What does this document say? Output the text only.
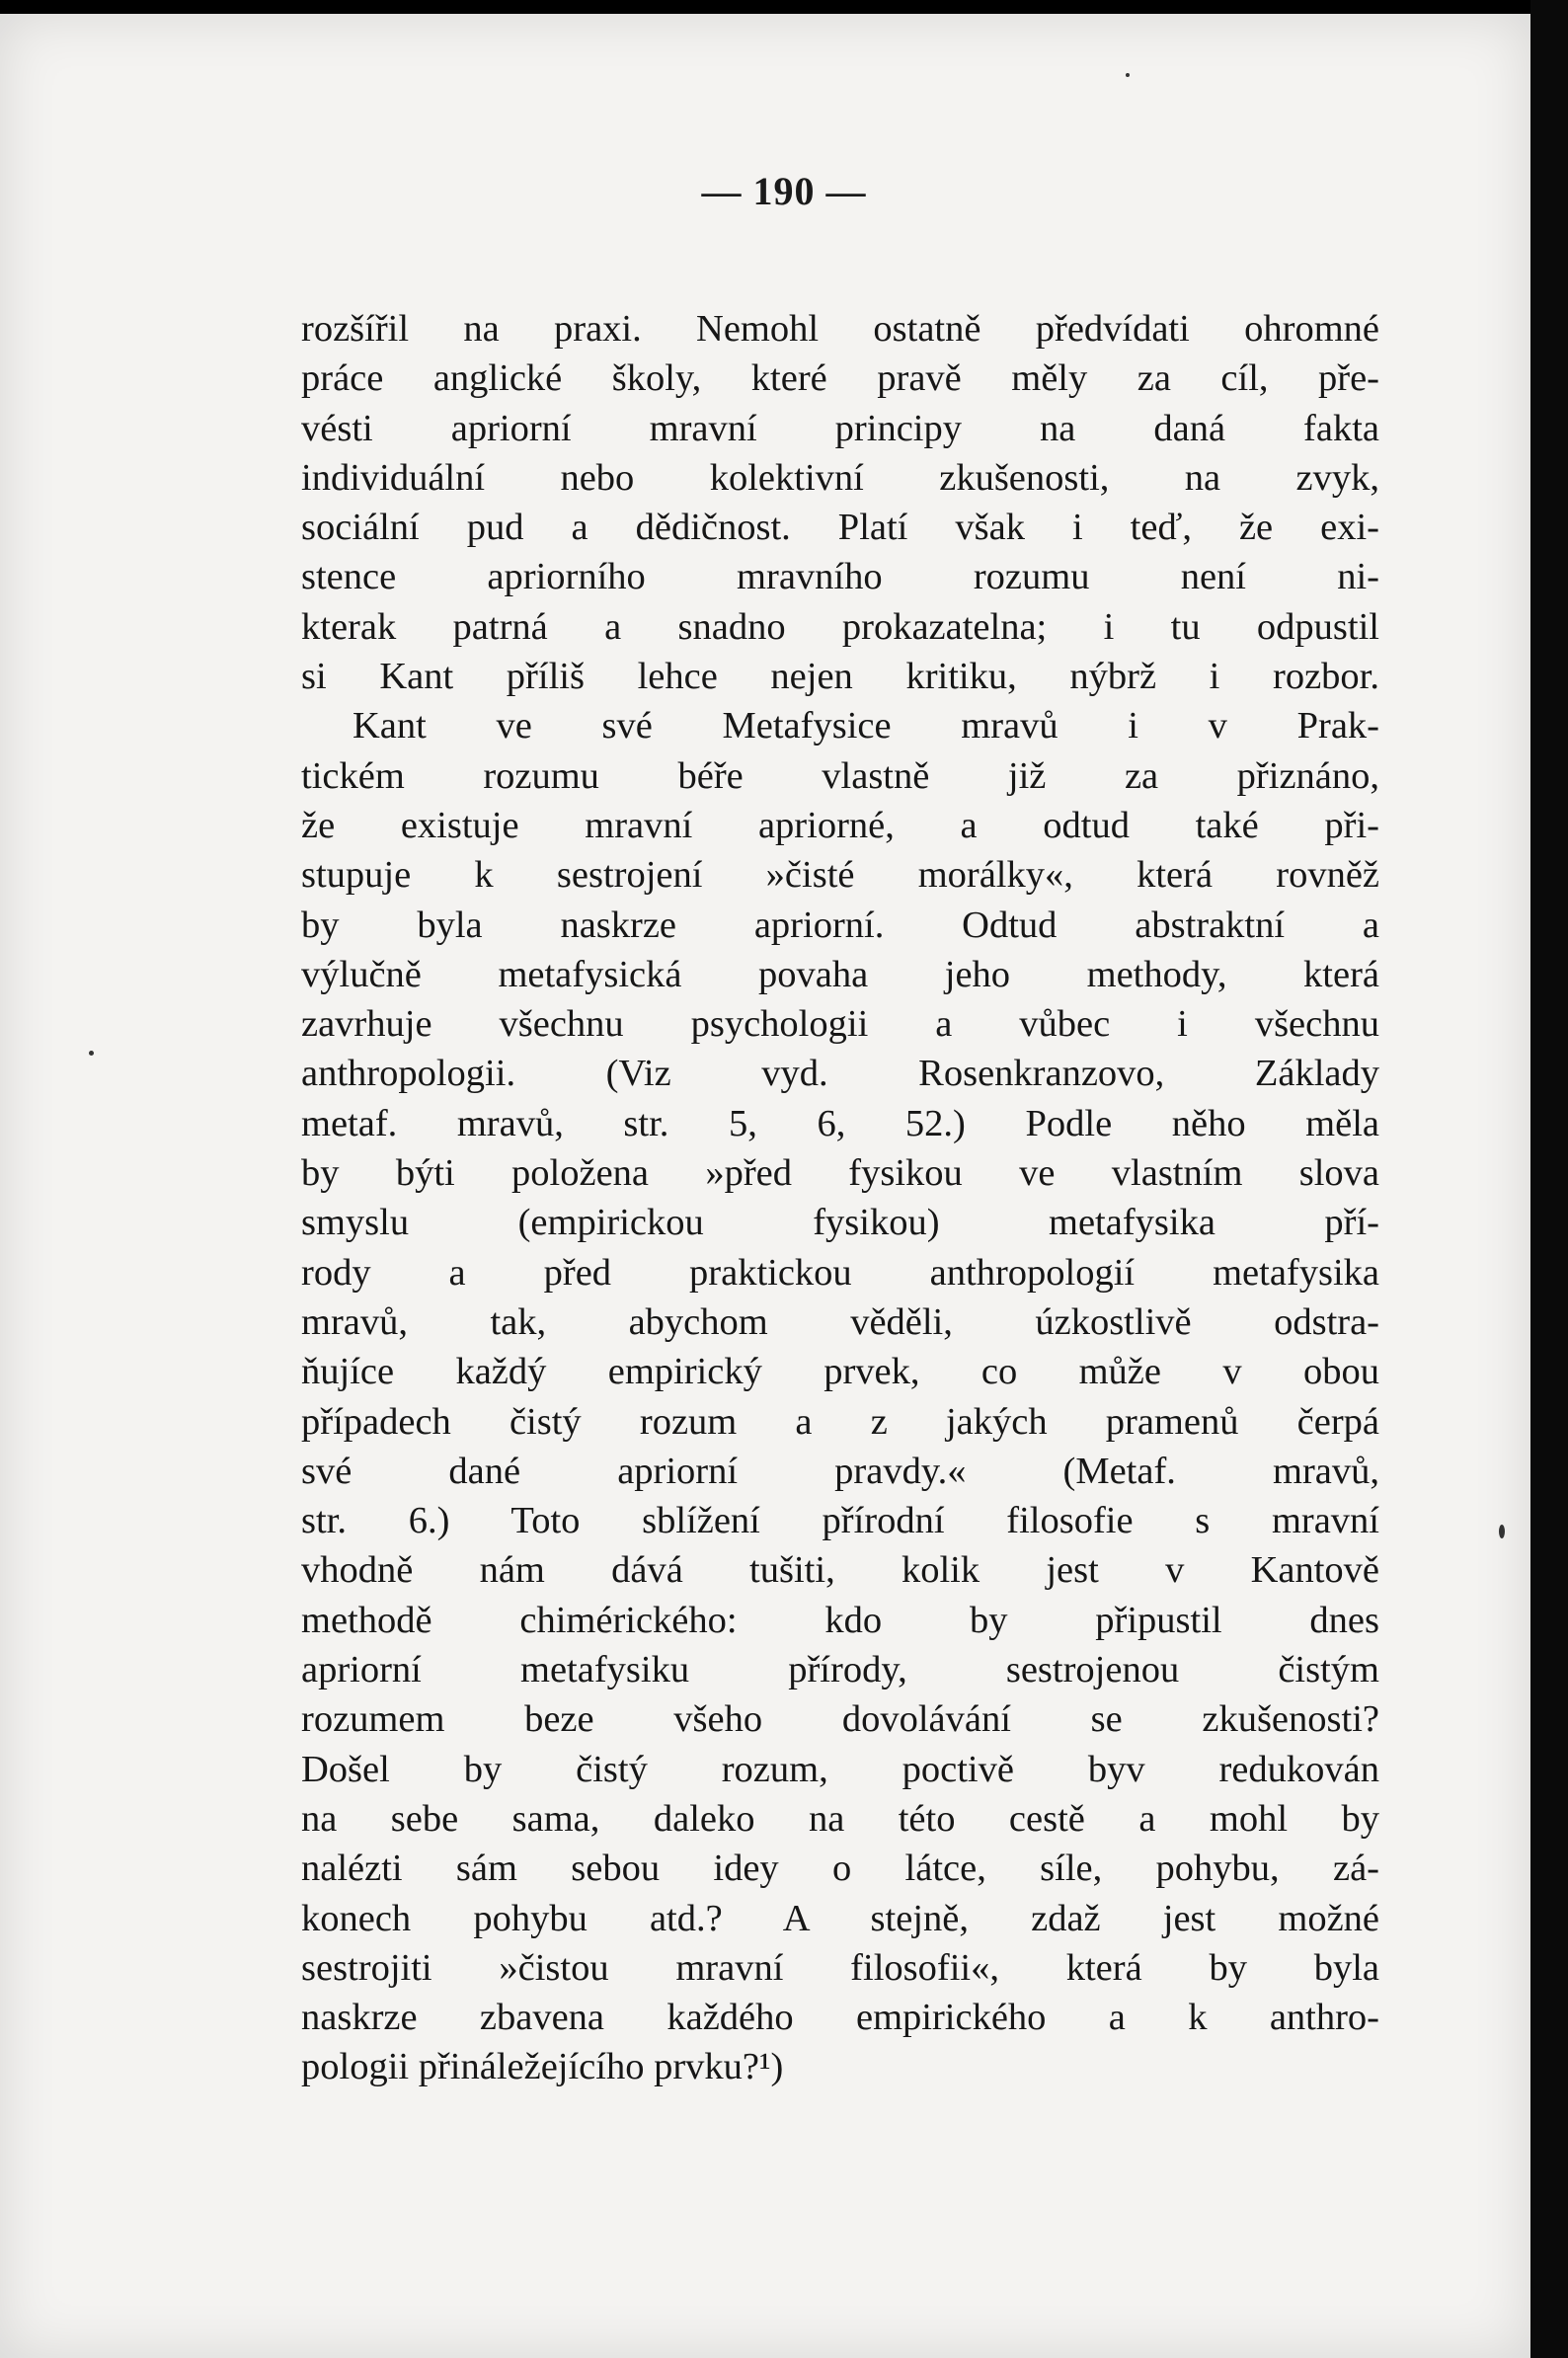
— 190 —
rozšířil na praxi. Nemohl ostatně předvídati ohromné
práce anglické školy, které pravě měly za cíl, pře-
vésti apriorní mravní principy na daná fakta
individuální nebo kolektivní zkušenosti, na zvyk,
sociální pud a dědičnost. Platí však i teď, že exi-
stence apriorního mravního rozumu není ni-
kterak patrná a snadno prokazatelna; i tu odpustil
si Kant příliš lehce nejen kritiku, nýbrž i rozbor.
Kant ve své Metafysice mravů i v Prak-
tickém rozumu béře vlastně již za přiznáno,
že existuje mravní apriorné, a odtud také při-
stupuje k sestrojení »čisté morálky«, která rovněž
by byla naskrze apriorní. Odtud abstraktní a
výlučně metafysická povaha jeho methody, která
zavrhuje všechnu psychologii a vůbec i všechnu
anthropologii. (Viz vyd. Rosenkranzovo, Základy
metaf. mravů, str. 5, 6, 52.) Podle něho měla
by býti položena »před fysikou ve vlastním slova
smyslu (empirickou fysikou) metafysika pří-
rody a před praktickou anthropologií metafysika
mravů, tak, abychom věděli, úzkostlivě odstra-
ňujíce každý empirický prvek, co může v obou
případech čistý rozum a z jakých pramenů čerpá
své dané apriorní pravdy.« (Metaf. mravů,
str. 6.) Toto sblížení přírodní filosofie s mravní
vhodně nám dává tušiti, kolik jest v Kantově
methodě chimérického: kdo by připustil dnes
apriorní metafysiku přírody, sestrojenou čistým
rozumem beze všeho dovolávání se zkušenosti?
Došel by čistý rozum, poctivě byv redukován
na sebe sama, daleko na této cestě a mohl by
nalézti sám sebou idey o látce, síle, pohybu, zá-
konech pohybu atd.? A stejně, zdaž jest možné
sestrojiti »čistou mravní filosofii«, která by byla
naskrze zbavena každého empirického a k anthro-
pologii přináležejícího prvku?¹)
